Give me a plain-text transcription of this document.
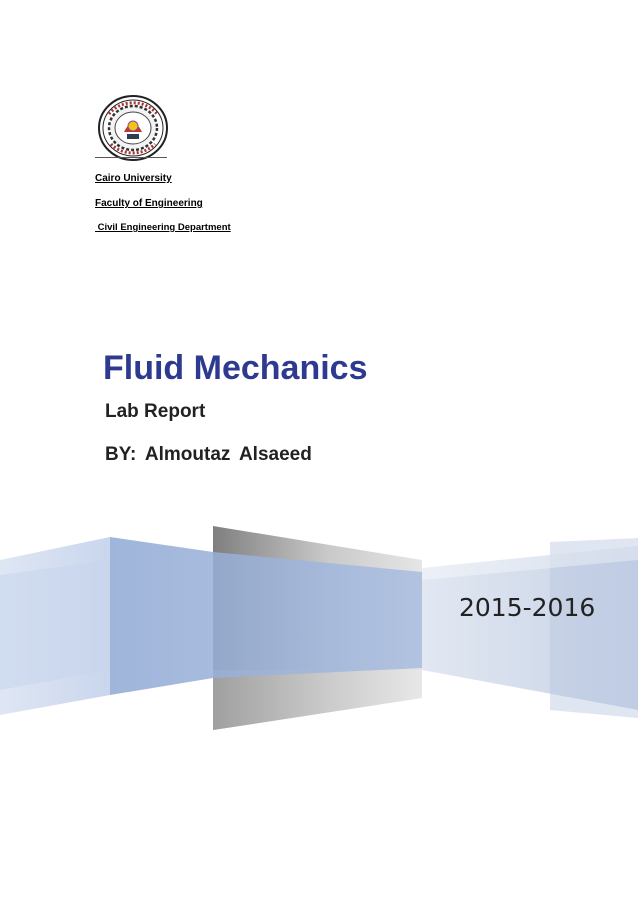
Cairo University
Faculty of Engineering
Civil Engineering Department
Fluid Mechanics
Lab Report
BY: Almoutaz Alsaeed
2015-2016
